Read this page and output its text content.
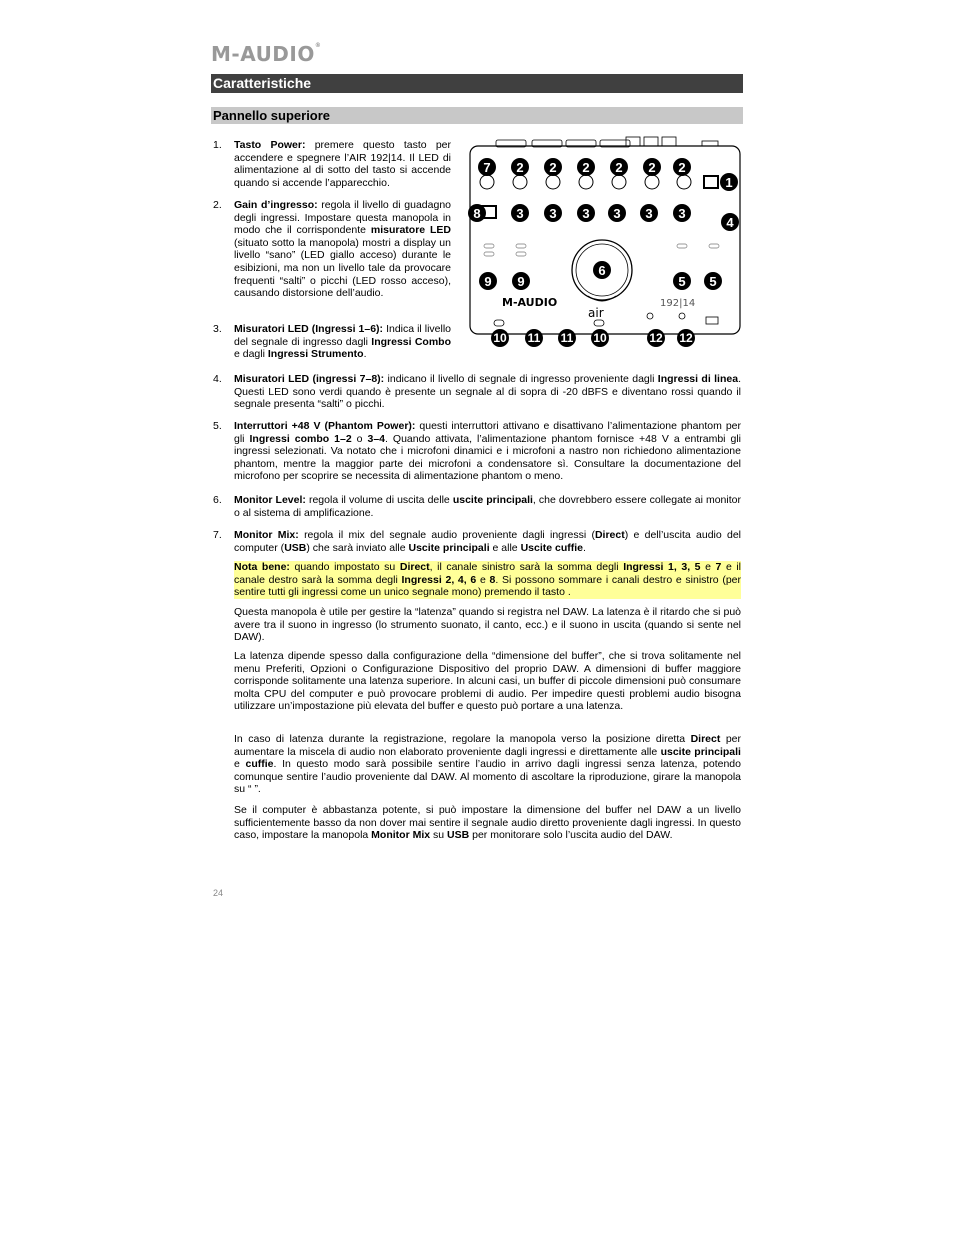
M-AUDIO®
Caratteristiche
Pannello superiore
1. Tasto Power: premere questo tasto per accendere e spegnere l’AIR 192|14. Il LED di alimentazione al di sotto del tasto si accende quando si accende l’apparecchio.
2. Gain d’ingresso: regola il livello di guadagno degli ingressi. Impostare questa manopola in modo che il corrispondente misuratore LED (situato sotto la manopola) mostri a display un livello “sano” (LED giallo acceso) durante le esibizioni, ma non un livello tale da provocare frequenti “salti” o picchi (LED rosso acceso), causando distorsione dell’audio.
3. Misuratori LED (Ingressi 1–6): Indica il livello del segnale di ingresso dagli Ingressi Combo e dagli Ingressi Strumento.
M-AUDIO
air
192|14
7 2 2 2 2 2 2
1
8	3 3 3 3 3 3
4
6
9 9	5 5
10 11 11 10	12 12
4. Misuratori LED (ingressi 7–8): indicano il livello di segnale di ingresso proveniente dagli Ingressi di linea. Questi LED sono verdi quando è presente un segnale al di sopra di -20 dBFS e diventano rossi quando il segnale presenta “salti” o picchi.
5. Interruttori +48 V (Phantom Power): questi interruttori attivano e disattivano l’alimentazione phantom per gli Ingressi combo 1–2 o 3–4. Quando attivata, l’alimentazione phantom fornisce +48 V a entrambi gli ingressi selezionati. Va notato che i microfoni dinamici e i microfoni a nastro non richiedono alimentazione phantom, mentre la maggior parte dei microfoni a condensatore sì. Consultare la documentazione del microfono per scoprire se necessita di alimentazione phantom o meno.
6. Monitor Level: regola il volume di uscita delle uscite principali, che dovrebbero essere collegate ai monitor o al sistema di amplificazione.
7. Monitor Mix: regola il mix del segnale audio proveniente dagli ingressi (Direct) e dell’uscita audio del computer (USB) che sarà inviato alle Uscite principali e alle Uscite cuffie.
Nota bene: quando impostato su Direct, il canale sinistro sarà la somma degli Ingressi 1, 3, 5 e 7 e il canale destro sarà la somma degli Ingressi 2, 4, 6 e 8. Si possono sommare i canali destro e sinistro (per sentire tutti gli ingressi come un unico segnale mono) premendo il tasto .
Questa manopola è utile per gestire la “latenza” quando si registra nel DAW. La latenza è il ritardo che si può avere tra il suono in ingresso (lo strumento suonato, il canto, ecc.) e il suono in uscita (quando si sente nel DAW).
La latenza dipende spesso dalla configurazione della “dimensione del buffer”, che si trova solitamente nel menu Preferiti, Opzioni o Configurazione Dispositivo del proprio DAW. A dimensioni di buffer maggiore corrisponde solitamente una latenza superiore. In alcuni casi, un buffer di piccole dimensioni può consumare molta CPU del computer e può provocare problemi di audio. Per impedire questi problemi audio bisogna utilizzare un’impostazione più elevata del buffer e questo può portare a una latenza.
In caso di latenza durante la registrazione, regolare la manopola verso la posizione diretta Direct per aumentare la miscela di audio non elaborato proveniente dagli ingressi e direttamente alle uscite principali e cuffie. In questo modo sarà possibile sentire l’audio in arrivo dagli ingressi senza latenza, potendo comunque sentire l’audio proveniente dal DAW. Al momento di ascoltare la riproduzione, girare la manopola su “ ”.
Se il computer è abbastanza potente, si può impostare la dimensione del buffer nel DAW a un livello sufficientemente basso da non dover mai sentire il segnale audio diretto proveniente dagli ingressi. In questo caso, impostare la manopola Monitor Mix su USB per monitorare solo l’uscita audio del DAW.
24
